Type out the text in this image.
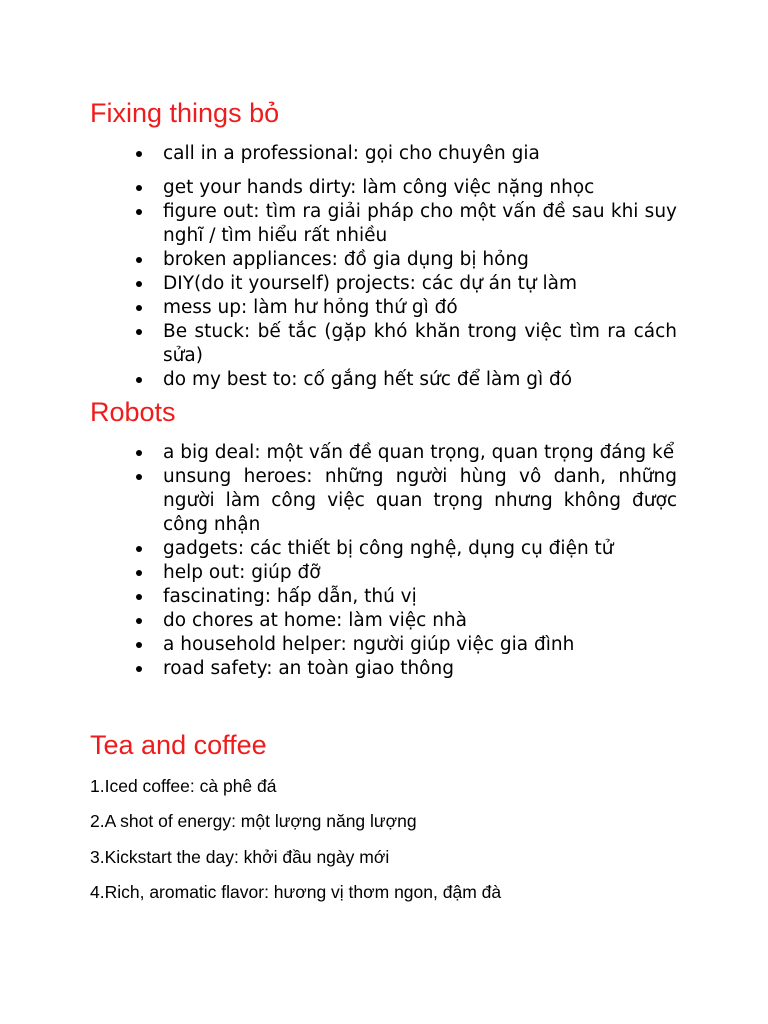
Fixing things bỏ
call in a professional: gọi cho chuyên gia
get your hands dirty: làm công việc nặng nhọc
figure out: tìm ra giải pháp cho một vấn đề sau khi suy nghĩ / tìm hiểu rất nhiều
broken appliances: đồ gia dụng bị hỏng
DIY(do it yourself) projects: các dự án tự làm
mess up: làm hư hỏng thứ gì đó
Be stuck: bế tắc (gặp khó khăn trong việc tìm ra cách sửa)
do my best to: cố gắng hết sức để làm gì đó
Robots
a big deal: một vấn đề quan trọng, quan trọng đáng kể
unsung heroes: những người hùng vô danh, những người làm công việc quan trọng nhưng không được công nhận
gadgets: các thiết bị công nghệ, dụng cụ điện tử
help out: giúp đỡ
fascinating: hấp dẫn, thú vị
do chores at home: làm việc nhà
a household helper: người giúp việc gia đình
road safety: an toàn giao thông
Tea and coffee

1.Iced coffee: cà phê đá

2.A shot of energy: một lượng năng lượng

3.Kickstart the day: khởi đầu ngày mới

4.Rich, aromatic flavor: hương vị thơm ngon, đậm đà
